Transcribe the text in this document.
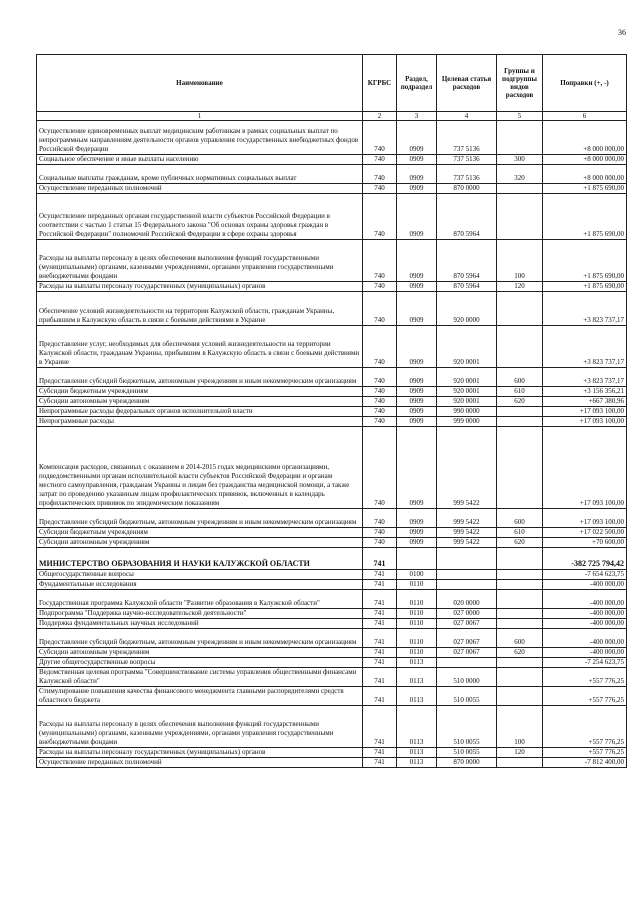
36
Наименование	КГРБС	Раздел, подраздел	Целевая статья расходов	Группы и подгруппы видов расходов	Поправки (+, -)
1	2	3	4	5	6
Осуществление единовременных выплат медицинским работникам в рамках социальных выплат по непрограммным направлениям деятельности органов управления государственных внебюджетных фондов Российской Федерации	740	0909	737 5136		+8 000 000,00
Социальное обеспечение и иные выплаты населению	740	0909	737 5136	300	+8 000 000,00
Социальные выплаты гражданам, кроме публичных нормативных социальных выплат	740	0909	737 5136	320	+8 000 000,00
Осуществление переданных полномочий	740	0909	870 0000		+1 875 690,00
Осуществление переданных органам государственной власти субъектов Российской Федерации в соответствии с частью 1 статьи 15 Федерального закона "Об основах охраны здоровья граждан в Российской Федерации" полномочий Российской Федерации в сфере охраны здоровья	740	0909	870 5964		+1 875 690,00
Расходы на выплаты персоналу в целях обеспечения выполнения функций государственными (муниципальными) органами, казенными учреждениями, органами управления государственными внебюджетными фондами	740	0909	870 5964	100	+1 875 690,00
Расходы на выплаты персоналу государственных (муниципальных) органов	740	0909	870 5964	120	+1 875 690,00
Обеспечение условий жизнедеятельности на территории Калужской области, гражданам Украины, прибывшим в Калужскую область в связи с боевыми действиями в Украине	740	0909	920 0000		+3 823 737,17
Предоставление услуг, необходимых для обеспечения условий жизнедеятельности на территории Калужской области, гражданам Украины, прибывшим в Калужскую область в связи с боевыми действиями в Украине	740	0909	920 0001		+3 823 737,17
Предоставление субсидий бюджетным, автономным учреждениям и иным некоммерческим организациям	740	0909	920 0001	600	+3 823 737,17
Субсидии бюджетным учреждениям	740	0909	920 0001	610	+3 156 356,21
Субсидии автономным учреждениям	740	0909	920 0001	620	+667 380,96
Непрограммные расходы федеральных органов исполнительной власти	740	0909	990 0000		+17 093 100,00
Непрограммные расходы	740	0909	999 0000		+17 093 100,00
Компенсация расходов, связанных с оказанием в 2014-2015 годах медицинскими организациями, подведомственными органам исполнительной власти субъектов Российской Федерации и органам местного самоуправления, гражданам Украины и лицам без гражданства медицинской помощи, а также затрат по проведению указанным лицам профилактических прививок, включенных в календарь профилактических прививок по эпидемическим показаниям	740	0909	999 5422		+17 093 100,00
Предоставление субсидий бюджетным, автономным учреждениям и иным некоммерческим организациям	740	0909	999 5422	600	+17 093 100,00
Субсидии бюджетным учреждениям	740	0909	999 5422	610	+17 022 500,00
Субсидии автономным учреждениям	740	0909	999 5422	620	+70 600,00
МИНИСТЕРСТВО ОБРАЗОВАНИЯ И НАУКИ КАЛУЖСКОЙ ОБЛАСТИ	741				-382 725 794,42
Общегосударственные вопросы	741	0100			-7 654 623,75
Фундаментальные исследования	741	0110			-400 000,00
Государственная программа Калужской области "Развитие образования в Калужской области"	741	0110	020 0000		-400 000,00
Подпрограмма "Поддержка научно-исследовательской деятельности"	741	0110	027 0000		-400 000,00
Поддержка фундаментальных научных исследований	741	0110	027 0067		-400 000,00
Предоставление субсидий бюджетным, автономным учреждениям и иным некоммерческим организациям	741	0110	027 0067	600	-400 000,00
Субсидии автономным учреждениям	741	0110	027 0067	620	-400 000,00
Другие общегосударственные вопросы	741	0113			-7 254 623,75
Ведомственная целевая программа "Совершенствование системы управления общественными финансами Калужской области"	741	0113	510 0000		+557 776,25
Стимулирование повышения качества финансового менеджмента главными распорядителями средств областного бюджета	741	0113	510 0055		+557 776,25
Расходы на выплаты персоналу в целях обеспечения выполнения функций государственными (муниципальными) органами, казенными учреждениями, органами управления государственными внебюджетными фондами	741	0113	510 0055	100	+557 776,25
Расходы на выплаты персоналу государственных (муниципальных) органов	741	0113	510 0055	120	+557 776,25
Осуществление переданных полномочий	741	0113	870 0000		-7 812 400,00
